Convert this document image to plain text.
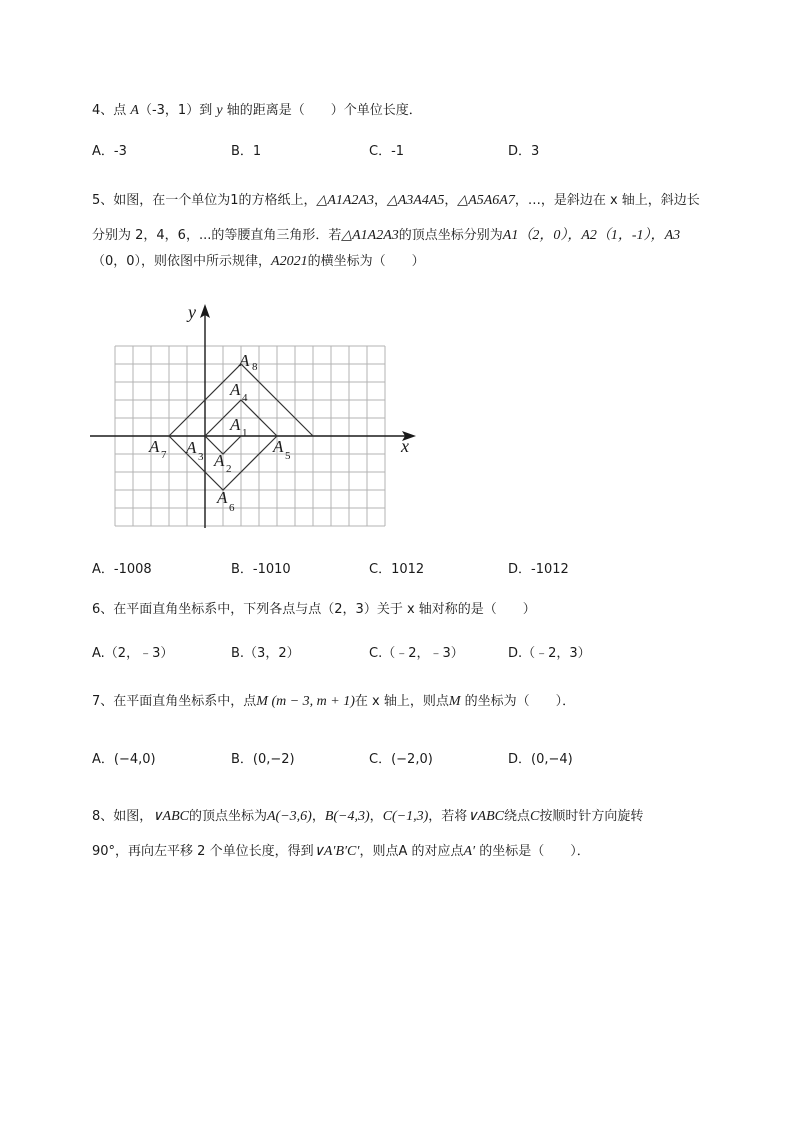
4、点 A（-3，1）到 y 轴的距离是（　　）个单位长度．
A．-3	B．1	C．-1	D．3
5、如图，在一个单位为1的方格纸上，△A1A2A3，△A3A4A5，△A5A6A7，…，是斜边在 x 轴上，斜边长
分别为 2，4，6，...的等腰直角三角形．若△A1A2A3的顶点坐标分别为A1（2，0），A2（1，-1），A3
（0，0），则依图中所示规律，A2021的横坐标为（　　）
x
y
A 1
A 2
A 3
A 4
A 5
A
6
A 7
A 8
A．-1008	B．-1010	C．1012	D．-1012
6、在平面直角坐标系中，下列各点与点（2，3）关于 x 轴对称的是（　　）
A.（2，﹣3）	B.（3，2）	C.（﹣2，﹣3）	D.（﹣2，3）
7、在平面直角坐标系中，点M (m − 3, m + 1)在 x 轴上，则点M 的坐标为（　　）．
A．(−4,0)	B．(0,−2)	C．(−2,0)	D．(0,−4)
8、如图，∨ABC的顶点坐标为A(−3,6)，B(−4,3)，C(−1,3)，若将∨ABC绕点C按顺时针方向旋转
90°，再向左平移 2 个单位长度，得到∨A′B′C′，则点A 的对应点A′ 的坐标是（　　）．
